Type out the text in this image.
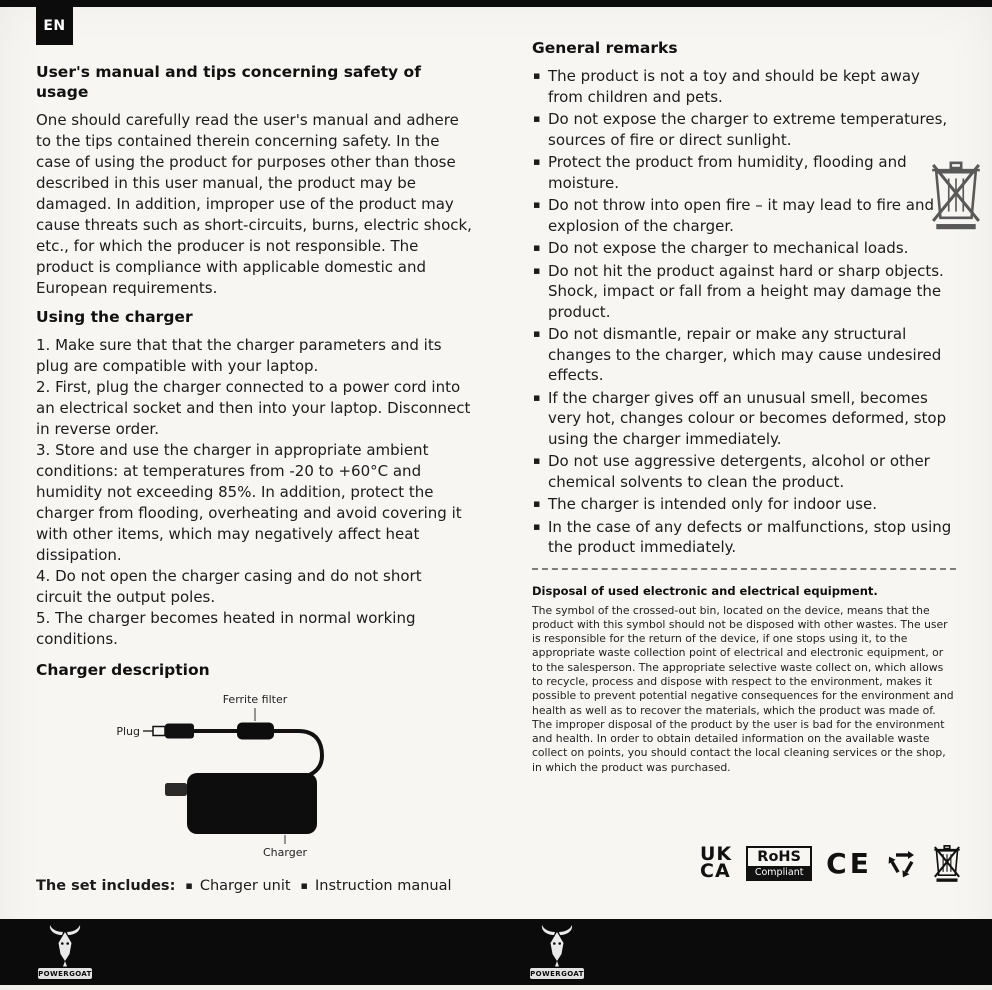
EN
User's manual and tips concerning safety of usage

One should carefully read the user's manual and adhere to the tips contained therein concerning safety. In the case of using the product for purposes other than those described in this user manual, the product may be damaged. In addition, improper use of the product may cause threats such as short-circuits, burns, electric shock, etc., for which the producer is not responsible. The product is compliance with applicable domestic and European requirements.

Using the charger

1. Make sure that that the charger parameters and its plug are compatible with your laptop.

2. First, plug the charger connected to a power cord into an electrical socket and then into your laptop. Disconnect in reverse order.

3. Store and use the charger in appropriate ambient conditions: at temperatures from -20 to +60°C and humidity not exceeding 85%. In addition, protect the charger from flooding, overheating and avoid covering it with other items, which may negatively affect heat dissipation.

4. Do not open the charger casing and do not short circuit the output poles.

5. The charger becomes heated in normal working conditions.

Charger description
Ferrite filter
Plug
Charger

The set includes: ▪ Charger unit ▪ Instruction manual

General remarks
▪ The product is not a toy and should be kept away from children and pets.
▪ Do not expose the charger to extreme temperatures, sources of fire or direct sunlight.
▪ Protect the product from humidity, flooding and moisture.
▪ Do not throw into open fire – it may lead to fire and explosion of the charger.
▪ Do not expose the charger to mechanical loads.
▪ Do not hit the product against hard or sharp objects. Shock, impact or fall from a height may damage the product.
▪ Do not dismantle, repair or make any structural changes to the charger, which may cause undesired effects.
▪ If the charger gives off an unusual smell, becomes very hot, changes colour or becomes deformed, stop using the charger immediately.
▪ Do not use aggressive detergents, alcohol or other chemical solvents to clean the product.
▪ The charger is intended only for indoor use.
▪ In the case of any defects or malfunctions, stop using the product immediately.
Disposal of used electronic and electrical equipment.

The symbol of the crossed-out bin, located on the device, means that the product with this symbol should not be disposed with other wastes. The user is responsible for the return of the device, if one stops using it, to the appropriate waste collection point of electrical and electronic equipment, or to the salesperson. The appropriate selective waste collect on, which allows to recycle, process and dispose with respect to the environment, makes it possible to prevent potential negative consequences for the environment and health as well as to recover the materials, which the product was made of. The improper disposal of the product by the user is bad for the environment and health. In order to obtain detailed information on the available waste collect on points, you should contact the local cleaning services or the shop, in which the product was purchased.

UK
CA
RoHS
Compliant CE
POWERGOAT	POWERGOAT
